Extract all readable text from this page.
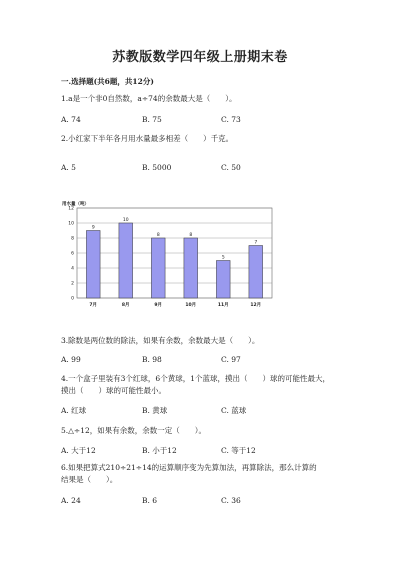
苏教版数学四年级上册期末卷
一.选择题(共6题，共12分)
1.a是一个非0自然数，a÷74的余数最大是（　　）。
A. 74	B. 75	C. 73
2.小红家下半年各月用水量最多相差（　　）千克。
A. 5	B. 5000	C. 50
用水量（吨）
0
2
4
6
8
10
12
9
7月
10
8月
8
9月
8
10月
5
11月
7
12月
3.除数是两位数的除法，如果有余数，余数最大是（　　）。
A. 99	B. 98	C. 97
4.一个盒子里装有3个红球，6个黄球，1个蓝球，摸出（　　）球的可能性最大，
摸出（　　）球的可能性最小。
A. 红球	B. 黄球	C. 蓝球
5.△÷12，如果有余数，余数一定（　　）。
A. 大于12	B. 小于12	C. 等于12
6.如果把算式210÷21÷14的运算顺序变为先算加法，再算除法，那么计算的
结果是（　　）。
A. 24	B. 6	C. 36
